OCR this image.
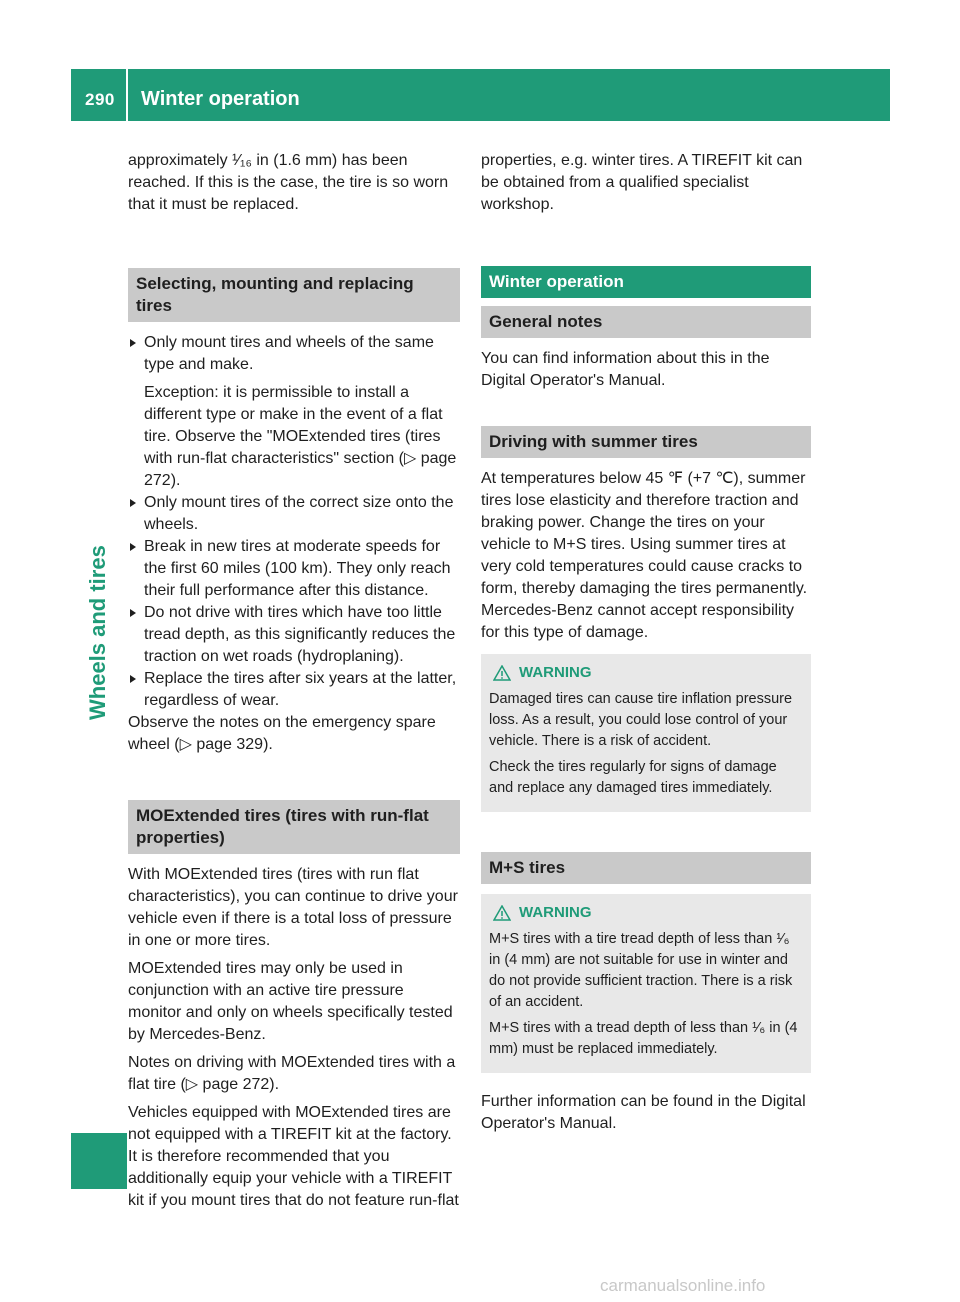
290 Winter operation
Wheels and tires

approximately ¹⁄₁₆ in (1.6 mm) has been reached. If this is the case, the tire is so worn that it must be replaced.

Selecting, mounting and replacing tires
Only mount tires and wheels of the same type and make.
Exception: it is permissible to install a different type or make in the event of a flat tire. Observe the "MOExtended tires (tires with run-flat characteristics" section (▷ page 272).
Only mount tires of the correct size onto the wheels.
Break in new tires at moderate speeds for the first 60 miles (100 km). They only reach their full performance after this distance.
Do not drive with tires which have too little tread depth, as this significantly reduces the traction on wet roads (hydroplaning).
Replace the tires after six years at the latter, regardless of wear.

Observe the notes on the emergency spare wheel (▷ page 329).

MOExtended tires (tires with run-flat properties)

With MOExtended tires (tires with run flat characteristics), you can continue to drive your vehicle even if there is a total loss of pressure in one or more tires.

MOExtended tires may only be used in conjunction with an active tire pressure monitor and only on wheels specifically tested by Mercedes-Benz.

Notes on driving with MOExtended tires with a flat tire (▷ page 272).

Vehicles equipped with MOExtended tires are not equipped with a TIREFIT kit at the factory. It is therefore recommended that you additionally equip your vehicle with a TIREFIT kit if you mount tires that do not feature run-flat

properties, e.g. winter tires. A TIREFIT kit can be obtained from a qualified specialist workshop.

Winter operation
General notes

You can find information about this in the Digital Operator's Manual.

Driving with summer tires

At temperatures below 45 ℉ (+7 ℃), summer tires lose elasticity and therefore traction and braking power. Change the tires on your vehicle to M+S tires. Using summer tires at very cold temperatures could cause cracks to form, thereby damaging the tires permanently. Mercedes-Benz cannot accept responsibility for this type of damage.

WARNING

Damaged tires can cause tire inflation pressure loss. As a result, you could lose control of your vehicle. There is a risk of accident.

Check the tires regularly for signs of damage and replace any damaged tires immediately.

M+S tires
WARNING

M+S tires with a tire tread depth of less than ¹⁄₆ in (4 mm) are not suitable for use in winter and do not provide sufficient traction. There is a risk of an accident.

M+S tires with a tread depth of less than ¹⁄₆ in (4 mm) must be replaced immediately.

Further information can be found in the Digital Operator's Manual.

carmanualsonline.info
